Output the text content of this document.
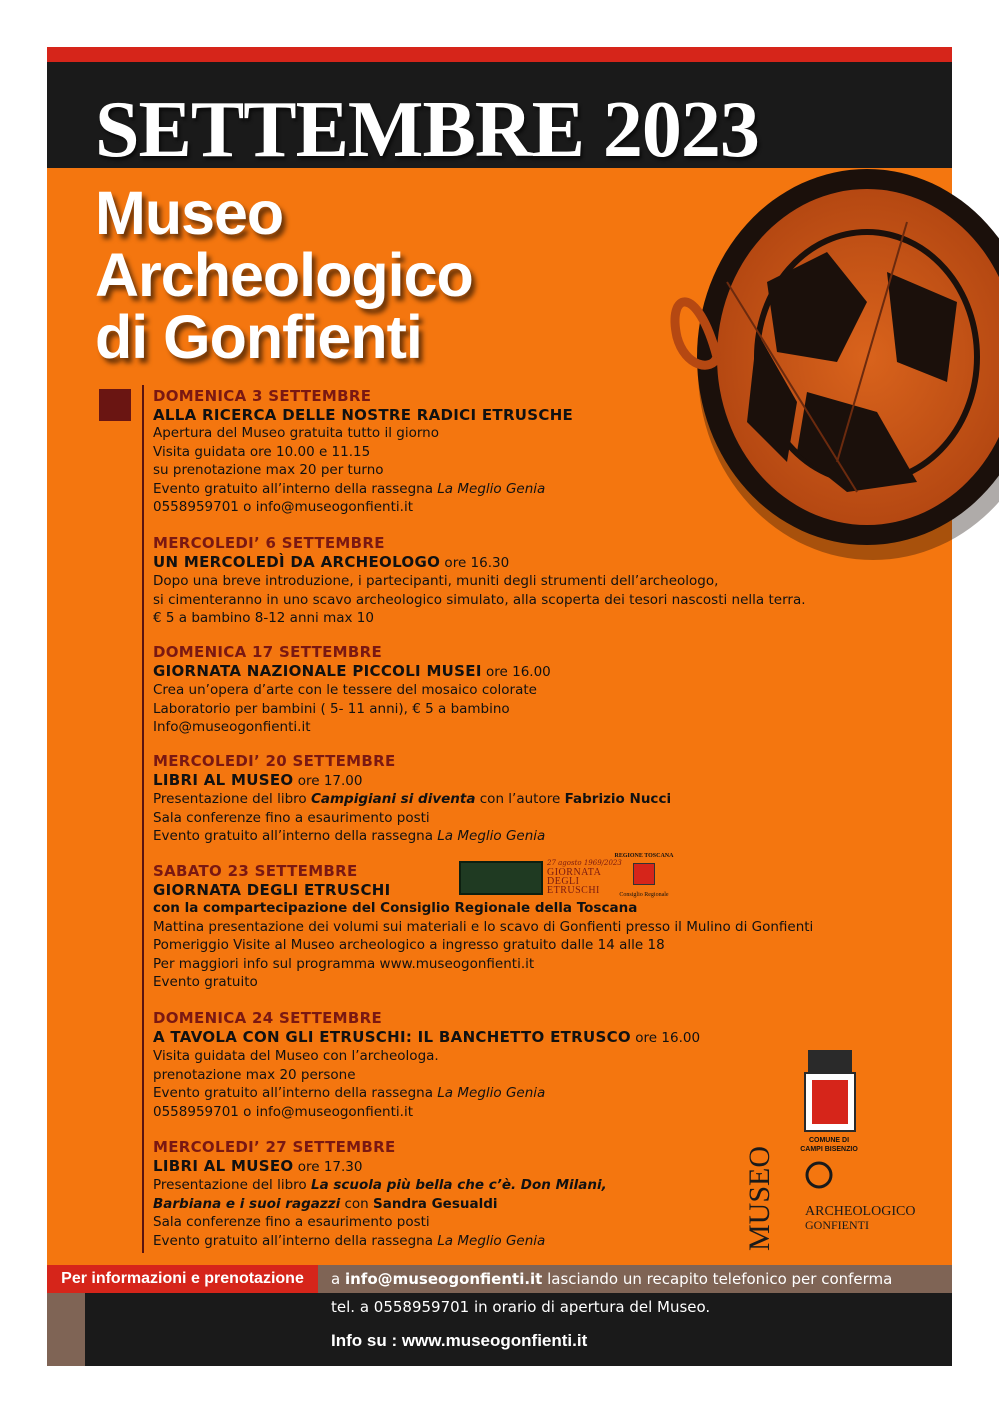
SETTEMBRE 2023
Museo
Archeologico
di Gonfienti
DOMENICA 3 SETTEMBRE
ALLA RICERCA DELLE NOSTRE RADICI ETRUSCHE
Apertura del Museo gratuita tutto il giorno
Visita guidata ore 10.00 e 11.15
su prenotazione max 20 per turno
Evento gratuito all’interno della rassegna La Meglio Genia
0558959701 o info@museogonfienti.it
MERCOLEDI’ 6 SETTEMBRE
UN MERCOLEDÌ DA ARCHEOLOGO ore 16.30
Dopo una breve introduzione, i partecipanti, muniti degli strumenti dell’archeologo,
si cimenteranno in uno scavo archeologico simulato, alla scoperta dei tesori nascosti nella terra.
€ 5 a bambino 8-12 anni max 10
DOMENICA 17 SETTEMBRE
GIORNATA NAZIONALE PICCOLI MUSEI ore 16.00
Crea un’opera d’arte con le tessere del mosaico colorate
Laboratorio per bambini ( 5- 11 anni), € 5 a bambino
Info@museogonfienti.it
MERCOLEDI’ 20 SETTEMBRE
LIBRI AL MUSEO ore 17.00
Presentazione del libro Campigiani si diventa con l’autore Fabrizio Nucci
Sala conferenze fino a esaurimento posti
Evento gratuito all’interno della rassegna La Meglio Genia
SABATO 23 SETTEMBRE
GIORNATA DEGLI ETRUSCHI
con la compartecipazione del Consiglio Regionale della Toscana
Mattina presentazione dei volumi sui materiali e lo scavo di Gonfienti presso il Mulino di Gonfienti
Pomeriggio Visite al Museo archeologico a ingresso gratuito dalle 14 alle 18
Per maggiori info sul programma www.museogonfienti.it
Evento gratuito
DOMENICA 24 SETTEMBRE
A TAVOLA CON GLI ETRUSCHI: IL BANCHETTO ETRUSCO ore 16.00
Visita guidata del Museo con l’archeologa.
prenotazione max 20 persone
Evento gratuito all’interno della rassegna La Meglio Genia
0558959701 o info@museogonfienti.it
MERCOLEDI’ 27 SETTEMBRE
LIBRI AL MUSEO ore 17.30
Presentazione del libro La scuola più bella che c’è. Don Milani,
Barbiana e i suoi ragazzi con Sandra Gesualdi
Sala conferenze fino a esaurimento posti
Evento gratuito all’interno della rassegna La Meglio Genia
27 agosto 1969/2023
GIORNATA
DEGLI
ETRUSCHI
REGIONE TOSCANA
Consiglio Regionale
COMUNE DI
CAMPI BISENZIO
MUSEO ARCHEOLOGICO
GONFIENTI
Per informazioni e prenotazione	a info@museogonfienti.it lasciando un recapito telefonico per conferma
tel. a 0558959701 in orario di apertura del Museo.
Info su : www.museogonfienti.it
